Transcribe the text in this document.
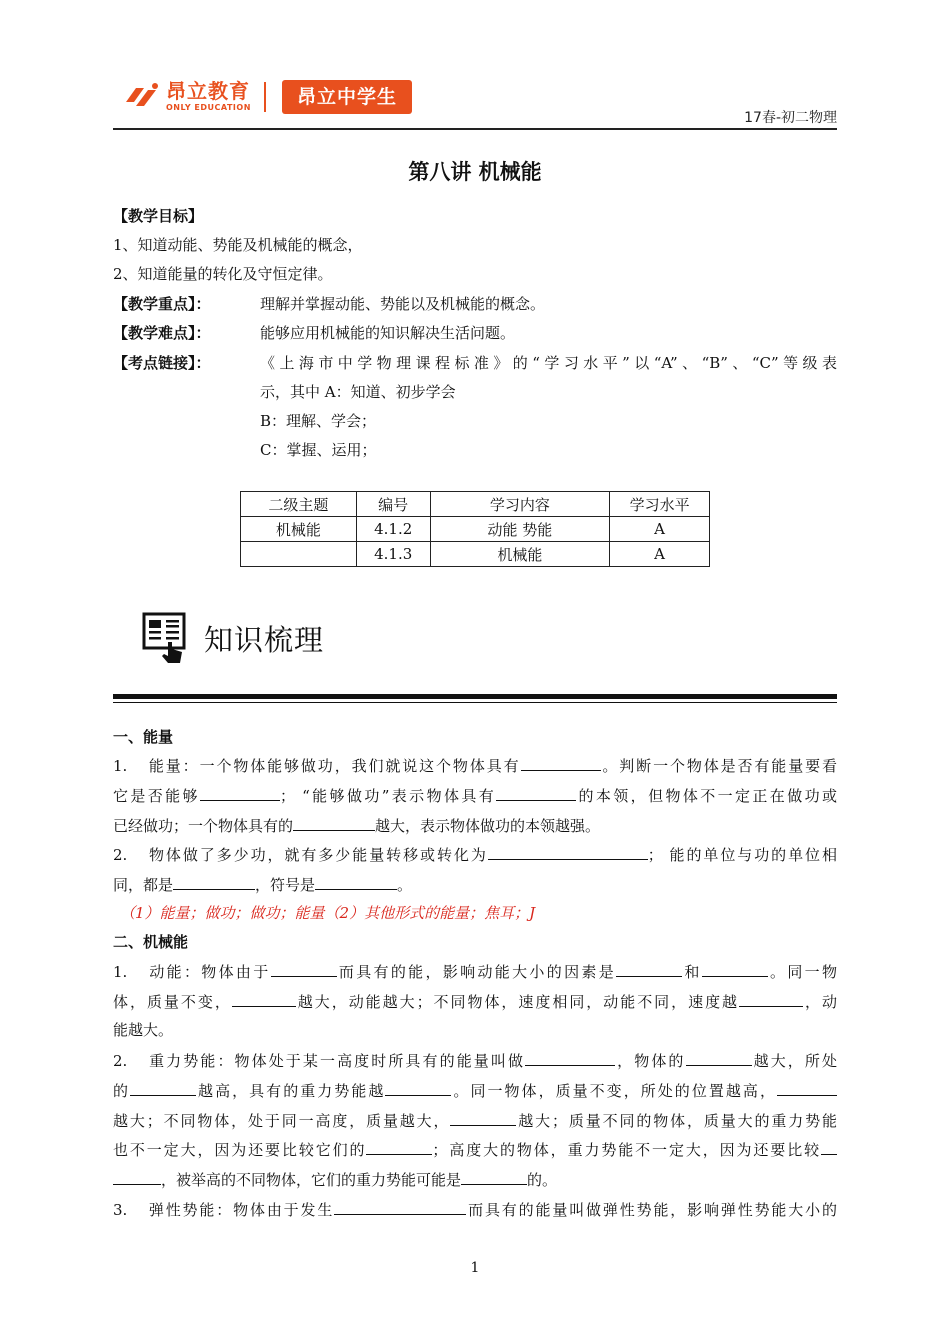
昂立教育
ONLY EDUCATION	昂立中学生
17春-初二物理
第八讲 机械能
【教学目标】
1、知道动能、势能及机械能的概念，
2、知道能量的转化及守恒定律。
【教学重点】：	理解并掌握动能、势能以及机械能的概念。
【教学难点】：	能够应用机械能的知识解决生活问题。
【考点链接】：	《上海市中学物理课程标准》的“学习水平”以“A”、“B”、“C”等级表
示，其中 A：知道、初步学会
B：理解、学会；
C：掌握、运用；
二级主题	编号	学习内容	学习水平
机械能	4.1.2	动能 势能	A
	4.1.3	机械能	A
知识梳理
一、能量
1. 能量：一个物体能够做功，我们就说这个物体具有	。判断一个物体是否有能量要看
它是否能够	； “能够做功”表示物体具有	的本领，但物体不一定正在做功或
已经做功；一个物体具有的	越大，表示物体做功的本领越强。
2. 物体做了多少功，就有多少能量转移或转化为	； 能的单位与功的单位相
同，都是	，符号是	。
（1）能量；做功；做功；能量（2）其他形式的能量；焦耳；J
二、机械能
1. 动能：物体由于	而具有的能，影响动能大小的因素是	和	。同一物
体，质量不变，	越大，动能越大；不同物体，速度相同，动能不同，速度越	，动
能越大。
2. 重力势能：物体处于某一高度时所具有的能量叫做	，物体的	越大，所处
的	越高，具有的重力势能越	。同一物体，质量不变，所处的位置越高，
越大；不同物体，处于同一高度，质量越大，	越大；质量不同的物体，质量大的重力势能
也不一定大，因为还要比较它们的	；高度大的物体，重力势能不一定大，因为还要比较
，被举高的不同物体，它们的重力势能可能是	的。
3. 弹性势能：物体由于发生	而具有的能量叫做弹性势能，影响弹性势能大小的
1
